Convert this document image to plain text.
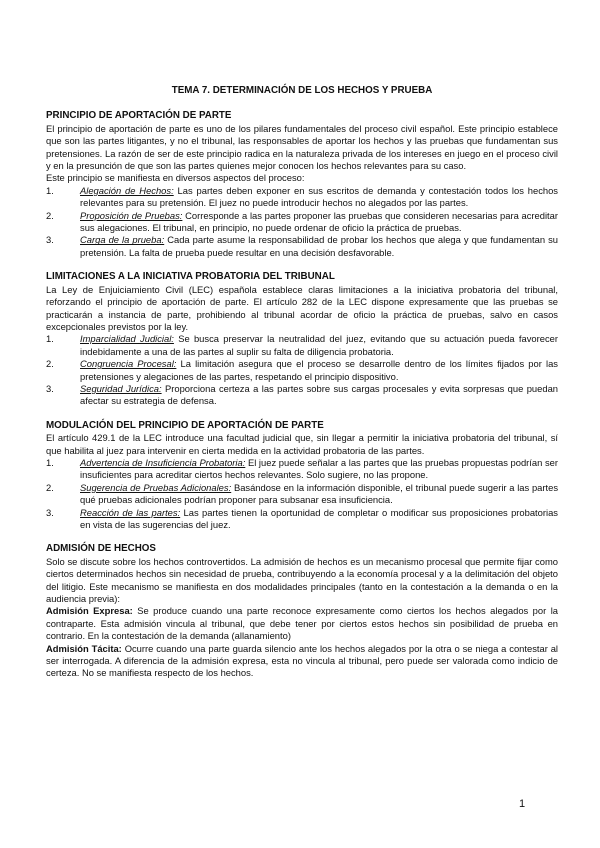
TEMA 7. DETERMINACIÓN DE LOS HECHOS Y PRUEBA
PRINCIPIO DE APORTACIÓN DE PARTE

El principio de aportación de parte es uno de los pilares fundamentales del proceso civil español. Este principio establece que son las partes litigantes, y no el tribunal, las responsables de aportar los hechos y las pruebas que fundamentan sus pretensiones. La razón de ser de este principio radica en la naturaleza privada de los intereses en juego en el proceso civil y en la presunción de que son las partes quienes mejor conocen los hechos relevantes para su caso.

Este principio se manifiesta en diversos aspectos del proceso:

1.	Alegación de Hechos: Las partes deben exponer en sus escritos de demanda y contestación todos los hechos relevantes para su pretensión. El juez no puede introducir hechos no alegados por las partes.
2.	Proposición de Pruebas: Corresponde a las partes proponer las pruebas que consideren necesarias para acreditar sus alegaciones. El tribunal, en principio, no puede ordenar de oficio la práctica de pruebas.
3.	Carga de la prueba: Cada parte asume la responsabilidad de probar los hechos que alega y que fundamentan su pretensión. La falta de prueba puede resultar en una decisión desfavorable.
LIMITACIONES A LA INICIATIVA PROBATORIA DEL TRIBUNAL

La Ley de Enjuiciamiento Civil (LEC) española establece claras limitaciones a la iniciativa probatoria del tribunal, reforzando el principio de aportación de parte. El artículo 282 de la LEC dispone expresamente que las pruebas se practicarán a instancia de parte, prohibiendo al tribunal acordar de oficio la práctica de pruebas, salvo en casos excepcionales previstos por la ley.

1.	Imparcialidad Judicial: Se busca preservar la neutralidad del juez, evitando que su actuación pueda favorecer indebidamente a una de las partes al suplir su falta de diligencia probatoria.
2.	Congruencia Procesal: La limitación asegura que el proceso se desarrolle dentro de los límites fijados por las pretensiones y alegaciones de las partes, respetando el principio dispositivo.
3.	Seguridad Jurídica: Proporciona certeza a las partes sobre sus cargas procesales y evita sorpresas que puedan afectar su estrategia de defensa.
MODULACIÓN DEL PRINCIPIO DE APORTACIÓN DE PARTE

El artículo 429.1 de la LEC introduce una facultad judicial que, sin llegar a permitir la iniciativa probatoria del tribunal, sí que habilita al juez para intervenir en cierta medida en la actividad probatoria de las partes.

1.	Advertencia de Insuficiencia Probatoria: El juez puede señalar a las partes que las pruebas propuestas podrían ser insuficientes para acreditar ciertos hechos relevantes. Solo sugiere, no las propone.
2.	Sugerencia de Pruebas Adicionales: Basándose en la información disponible, el tribunal puede sugerir a las partes qué pruebas adicionales podrían proponer para subsanar esa insuficiencia.
3.	Reacción de las partes: Las partes tienen la oportunidad de completar o modificar sus proposiciones probatorias en vista de las sugerencias del juez.
ADMISIÓN DE HECHOS

Solo se discute sobre los hechos controvertidos. La admisión de hechos es un mecanismo procesal que permite fijar como ciertos determinados hechos sin necesidad de prueba, contribuyendo a la economía procesal y a la delimitación del objeto del litigio. Este mecanismo se manifiesta en dos modalidades principales (tanto en la contestación a la demanda o en la audiencia previa):

Admisión Expresa: Se produce cuando una parte reconoce expresamente como ciertos los hechos alegados por la contraparte. Esta admisión vincula al tribunal, que debe tener por ciertos estos hechos sin posibilidad de prueba en contrario. En la contestación de la demanda (allanamiento)

Admisión Tácita: Ocurre cuando una parte guarda silencio ante los hechos alegados por la otra o se niega a contestar al ser interrogada. A diferencia de la admisión expresa, esta no vincula al tribunal, pero puede ser valorada como indicio de certeza. No se manifiesta respecto de los hechos.

1
